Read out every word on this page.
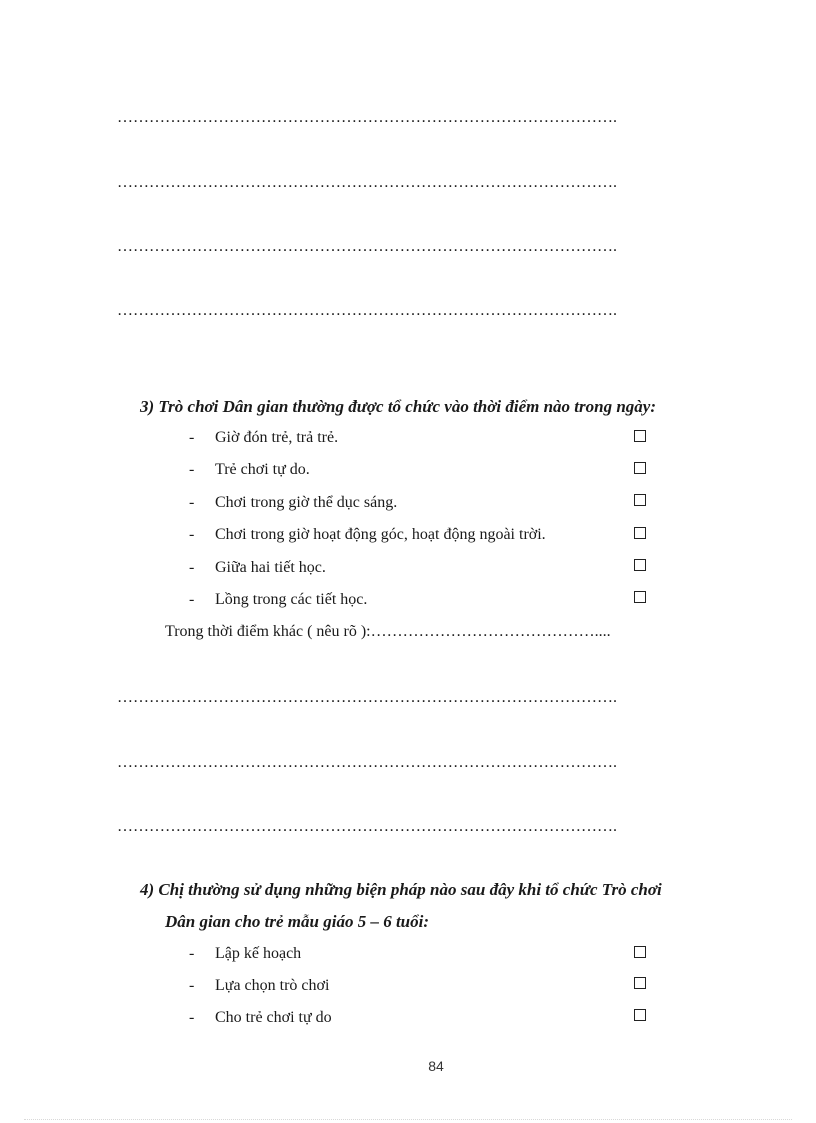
………………………………………………………………………………….
………………………………………………………………………………….
………………………………………………………………………………….
………………………………………………………………………………….
3) Trò chơi Dân gian thường được tổ chức vào thời điểm nào trong ngày:
- Giờ đón trẻ, trả trẻ.
- Trẻ chơi tự do.
- Chơi trong giờ thể dục sáng.
- Chơi trong giờ hoạt động góc, hoạt động ngoài trời.
- Giữa hai tiết học.
- Lồng trong các tiết học.
Trong thời điểm khác ( nêu rõ ):……………………………………....
………………………………………………………………………………….
………………………………………………………………………………….
………………………………………………………………………………….
4) Chị thường sử dụng những biện pháp nào sau đây khi tổ chức Trò chơi
Dân gian cho trẻ mẫu giáo 5 – 6 tuổi:
- Lập kế hoạch
- Lựa chọn trò chơi
- Cho trẻ chơi tự do
84
